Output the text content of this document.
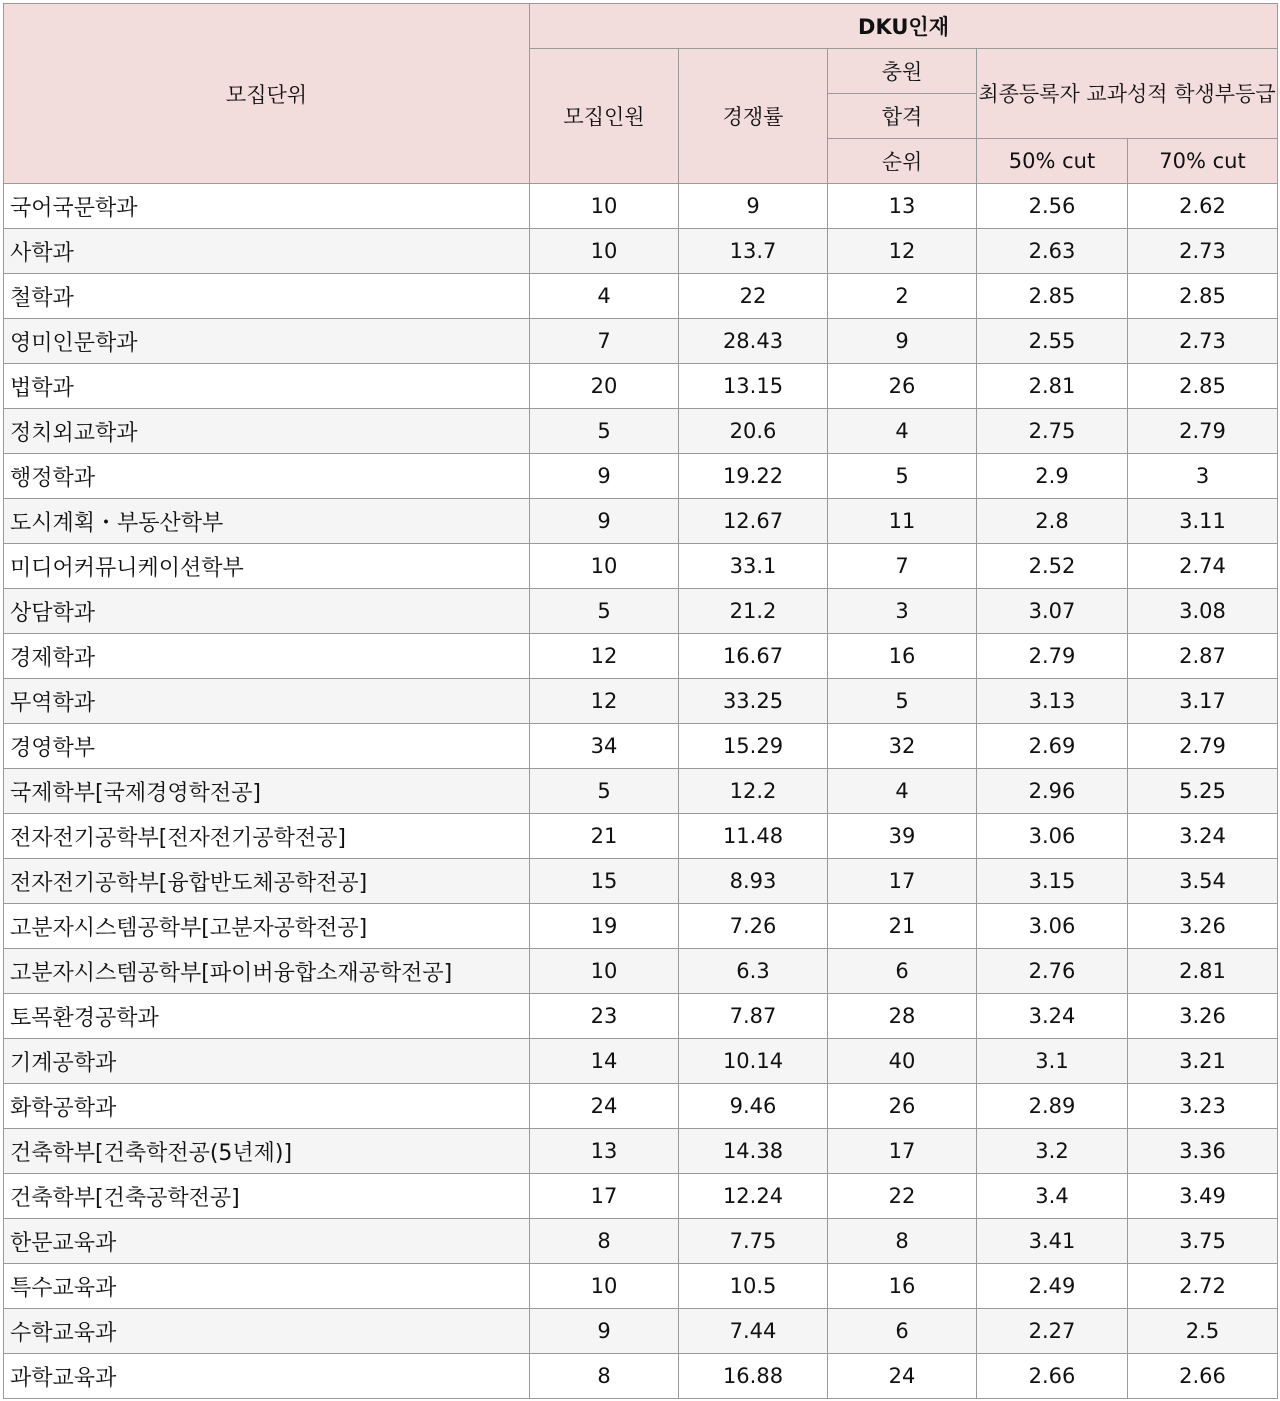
모집단위	DKU인재				
	모집인원	경쟁률	충원	최종등록자 교과성적 학생부등급	
			합격		
			순위	50% cut	70% cut
국어국문학과	10	9	13	2.56	2.62
사학과	10	13.7	12	2.63	2.73
철학과	4	22	2	2.85	2.85
영미인문학과	7	28.43	9	2.55	2.73
법학과	20	13.15	26	2.81	2.85
정치외교학과	5	20.6	4	2.75	2.79
행정학과	9	19.22	5	2.9	3
도시계획・부동산학부	9	12.67	11	2.8	3.11
미디어커뮤니케이션학부	10	33.1	7	2.52	2.74
상담학과	5	21.2	3	3.07	3.08
경제학과	12	16.67	16	2.79	2.87
무역학과	12	33.25	5	3.13	3.17
경영학부	34	15.29	32	2.69	2.79
국제학부[국제경영학전공]	5	12.2	4	2.96	5.25
전자전기공학부[전자전기공학전공]	21	11.48	39	3.06	3.24
전자전기공학부[융합반도체공학전공]	15	8.93	17	3.15	3.54
고분자시스템공학부[고분자공학전공]	19	7.26	21	3.06	3.26
고분자시스템공학부[파이버융합소재공학전공]	10	6.3	6	2.76	2.81
토목환경공학과	23	7.87	28	3.24	3.26
기계공학과	14	10.14	40	3.1	3.21
화학공학과	24	9.46	26	2.89	3.23
건축학부[건축학전공(5년제)]	13	14.38	17	3.2	3.36
건축학부[건축공학전공]	17	12.24	22	3.4	3.49
한문교육과	8	7.75	8	3.41	3.75
특수교육과	10	10.5	16	2.49	2.72
수학교육과	9	7.44	6	2.27	2.5
과학교육과	8	16.88	24	2.66	2.66
